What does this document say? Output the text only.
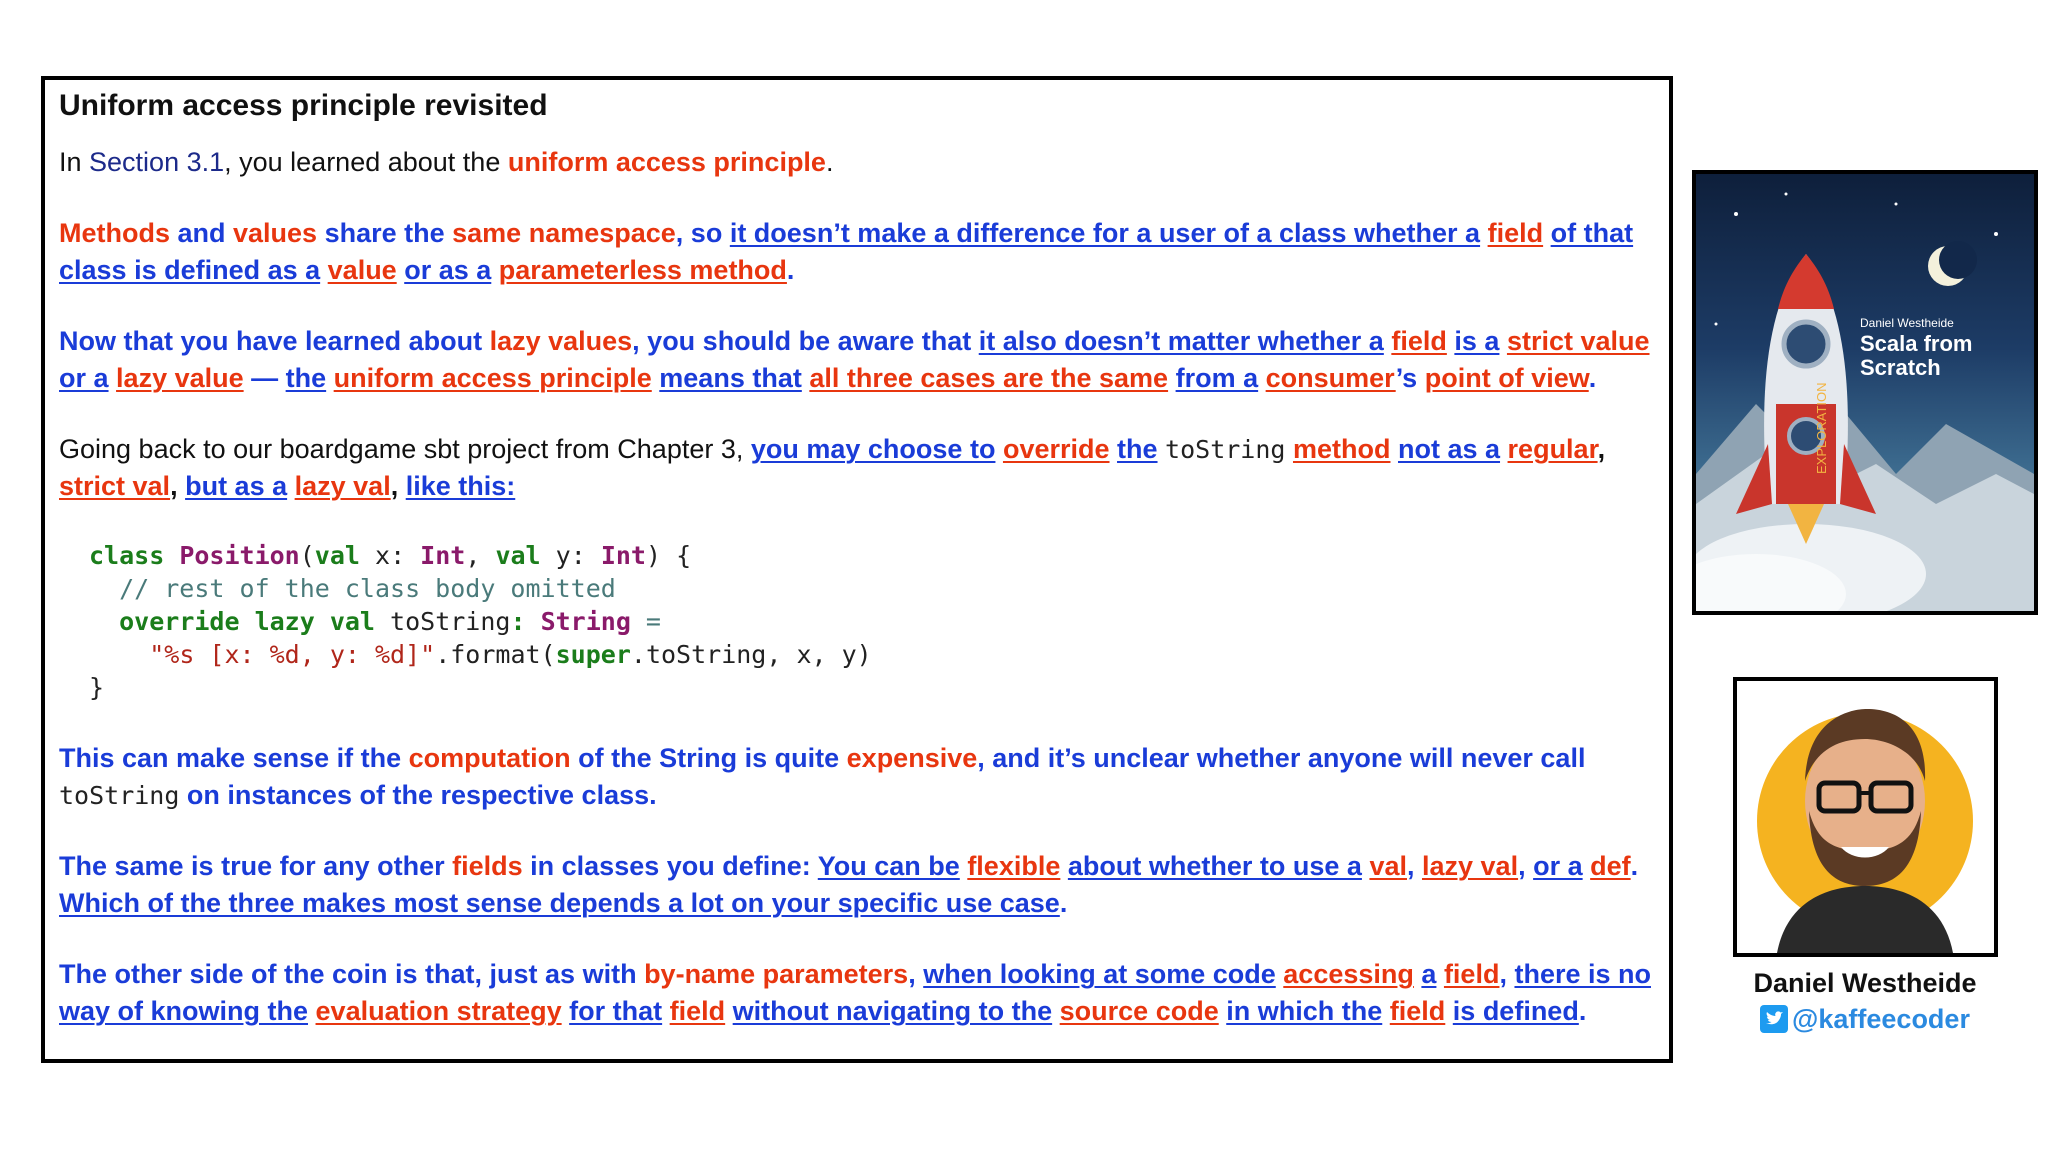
Uniform access principle revisited
In Section 3.1, you learned about the uniform access principle.
Methods and values share the same namespace, so it doesn’t make a difference for a user of a class whether a field of that class is defined as a value or as a parameterless method.
Now that you have learned about lazy values, you should be aware that it also doesn’t matter whether a field is a strict value or a lazy value — the uniform access principle means that all three cases are the same from a consumer’s point of view.
Going back to our boardgame sbt project from Chapter 3, you may choose to override the toString method not as a regular, strict val, but as a lazy val, like this:
class Position(val x: Int, val y: Int) {
// rest of the class body omitted
override lazy val toString: String =
"%s [x: %d, y: %d]".format(super.toString, x, y)
}
This can make sense if the computation of the String is quite expensive, and it’s unclear whether anyone will never call toString on instances of the respective class.
The same is true for any other fields in classes you define: You can be flexible about whether to use a val, lazy val, or a def. Which of the three makes most sense depends a lot on your specific use case.
The other side of the coin is that, just as with by-name parameters, when looking at some code accessing a field, there is no way of knowing the evaluation strategy for that field without navigating to the source code in which the field is defined.
Daniel Westheide
Scala from
Scratch
EXPLORATION
Daniel Westheide
@kaffeecoder
